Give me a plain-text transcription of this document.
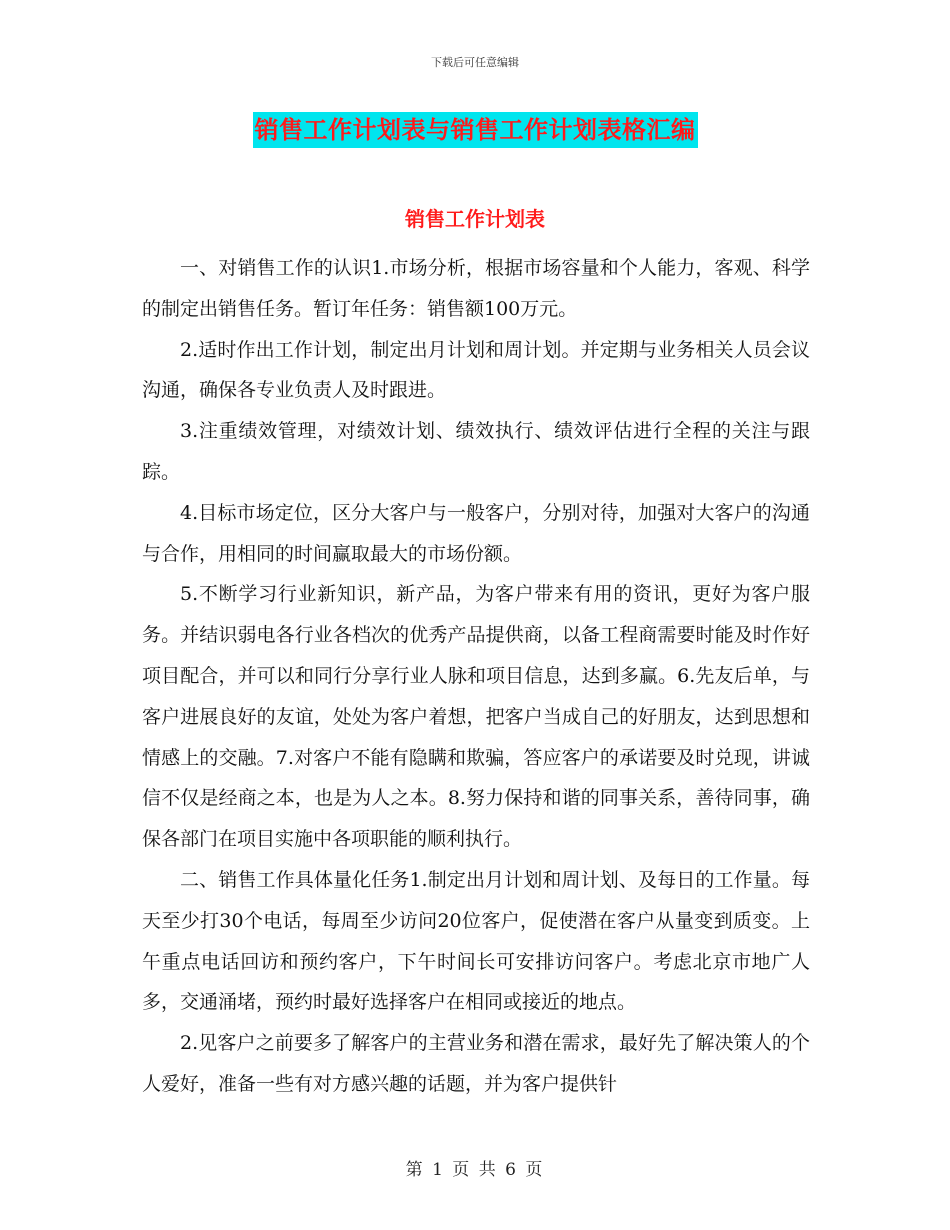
下载后可任意编辑
销售工作计划表与销售工作计划表格汇编
销售工作计划表

一、对销售工作的认识1.市场分析，根据市场容量和个人能力，客观、科学的制定出销售任务。暂订年任务：销售额100万元。

2.适时作出工作计划，制定出月计划和周计划。并定期与业务相关人员会议沟通，确保各专业负责人及时跟进。

3.注重绩效管理，对绩效计划、绩效执行、绩效评估进行全程的关注与跟踪。

4.目标市场定位，区分大客户与一般客户，分别对待，加强对大客户的沟通与合作，用相同的时间赢取最大的市场份额。

5.不断学习行业新知识，新产品，为客户带来有用的资讯，更好为客户服务。并结识弱电各行业各档次的优秀产品提供商，以备工程商需要时能及时作好项目配合，并可以和同行分享行业人脉和项目信息，达到多赢。6.先友后单，与客户进展良好的友谊，处处为客户着想，把客户当成自己的好朋友，达到思想和情感上的交融。7.对客户不能有隐瞒和欺骗，答应客户的承诺要及时兑现，讲诚信不仅是经商之本，也是为人之本。8.努力保持和谐的同事关系，善待同事，确保各部门在项目实施中各项职能的顺利执行。

二、销售工作具体量化任务1.制定出月计划和周计划、及每日的工作量。每天至少打30个电话，每周至少访问20位客户，促使潜在客户从量变到质变。上午重点电话回访和预约客户，下午时间长可安排访问客户。考虑北京市地广人多，交通涌堵，预约时最好选择客户在相同或接近的地点。

2.见客户之前要多了解客户的主营业务和潜在需求，最好先了解决策人的个人爱好，准备一些有对方感兴趣的话题，并为客户提供针

第 1 页 共 6 页
